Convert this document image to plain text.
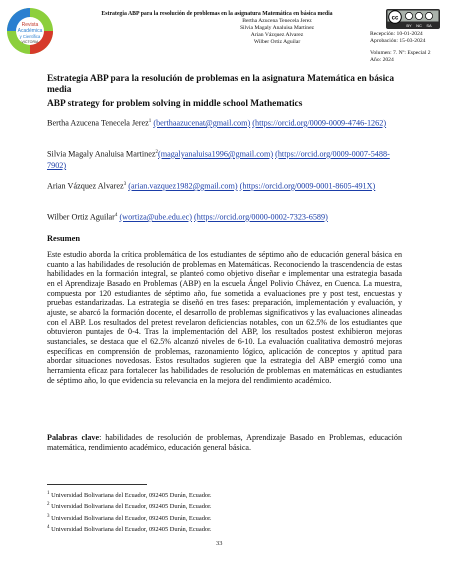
Revista
Académica
y Científica
VICTORIA
Estrategia ABP para la resolución de problemas en la asignatura Matemática en básica media
Bertha Azucena Tenecela Jerez
Silvia Magaly Analuisa Martinez
Arian Vázquez Alvarez
Wilber Ortiz Aguilar
cc
BY NC SA
Recepción: 10-01-2024
Aprobación: 15-03-2024
Volumen: 7. Nº: Especial 2
Año: 2024
Estrategia ABP para la resolución de problemas en la asignatura Matemática en básica media
ABP strategy for problem solving in middle school Mathematics
Bertha Azucena Tenecela Jerez$^1$ (berthaazucenat@gmail.com) (https://orcid.org/0009-0009-4746-1262)
Silvia Magaly Analuisa Martinez$^2$(magalyanaluisa1996@gmail.com) (https://orcid.org/0009-0007-5488-7902)
Arian Vázquez Alvarez$^3$ (arian.vazquez1982@gmail.com) (https://orcid.org/0009-0001-8605-491X)
Wilber Ortiz Aguilar$^4$ (wortiza@ube.edu.ec) (https://orcid.org/0000-0002-7323-6589)
Resumen
Este estudio aborda la crítica problemática de los estudiantes de séptimo año de educación general básica en cuanto a las habilidades de resolución de problemas en Matemáticas. Reconociendo la trascendencia de estas habilidades en la formación integral, se planteó como objetivo diseñar e implementar una estrategia basada en el Aprendizaje Basado en Problemas (ABP) en la escuela Ángel Polivio Chávez, en Cuenca. La muestra, compuesta por 120 estudiantes de séptimo año, fue sometida a evaluaciones pre y post test, encuestas y pruebas estandarizadas. La estrategia se diseñó en tres fases: preparación, implementación y evaluación, y ajuste, se abarcó la formación docente, el desarrollo de problemas significativos y las evaluaciones alineadas con el ABP. Los resultados del pretest revelaron deficiencias notables, con un 62.5% de los estudiantes que obtuvieron puntajes de 0-4. Tras la implementación del ABP, los resultados postest exhibieron mejoras sustanciales, se destaca que el 62.5% alcanzó niveles de 6-10. La evaluación cualitativa demostró mejoras específicas en comprensión de problemas, razonamiento lógico, aplicación de conceptos y aptitud para abordar situaciones novedosas. Estos resultados sugieren que la estrategia del ABP emergió como una herramienta eficaz para fortalecer las habilidades de resolución de problemas en matemáticas en estudiantes de séptimo año, lo que evidencia su relevancia en la mejora del rendimiento académico.
Palabras clave: habilidades de resolución de problemas, Aprendizaje Basado en Problemas, educación matemática, rendimiento académico, educación general básica.
$^1$ Universidad Bolivariana del Ecuador, 092405 Durán, Ecuador.
$^2$ Universidad Bolivariana del Ecuador, 092405 Durán, Ecuador.
$^3$ Universidad Bolivariana del Ecuador, 092405 Durán, Ecuador.
$^4$ Universidad Bolivariana del Ecuador, 092405 Durán, Ecuador.
33
